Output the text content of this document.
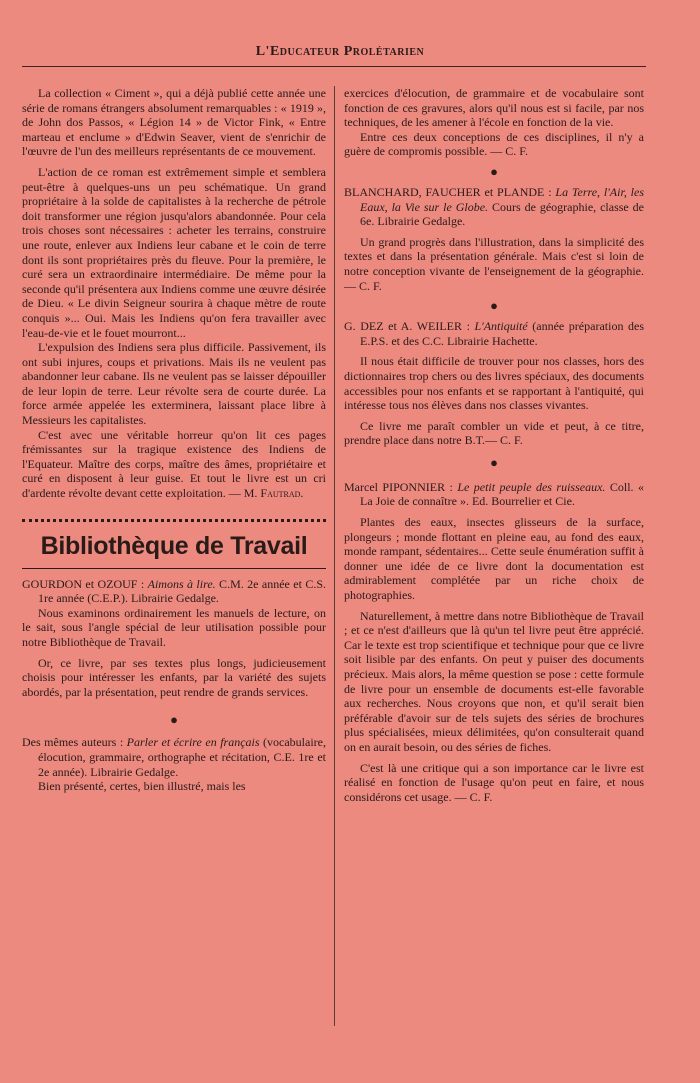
L'Educateur Prolétarien

La collection « Ciment », qui a déjà publié cette année une série de romans étrangers absolument remarquables : « 1919 », de John dos Passos, « Légion 14 » de Victor Fink, « Entre marteau et enclume » d'Edwin Seaver, vient de s'enrichir de l'œuvre de l'un des meilleurs représentants de ce mouvement.

L'action de ce roman est extrêmement simple et semblera peut-être à quelques-uns un peu schématique. Un grand propriétaire à la solde de capitalistes à la recherche de pétrole doit transformer une région jusqu'alors abandonnée. Pour cela trois choses sont nécessaires : acheter les terrains, construire une route, enlever aux Indiens leur cabane et le coin de terre dont ils sont propriétaires près du fleuve. Pour la première, le curé sera un extraordinaire intermédiaire. De même pour la seconde qu'il présentera aux Indiens comme une œuvre désirée de Dieu. « Le divin Seigneur sourira à chaque mètre de route conquis »... Oui. Mais les Indiens qu'on fera travailler avec l'eau-de-vie et le fouet mourront...

L'expulsion des Indiens sera plus difficile. Passivement, ils ont subi injures, coups et privations. Mais ils ne veulent pas abandonner leur cabane. Ils ne veulent pas se laisser dépouiller de leur lopin de terre. Leur révolte sera de courte durée. La force armée appelée les exterminera, laissant place libre à Messieurs les capitalistes.

C'est avec une véritable horreur qu'on lit ces pages frémissantes sur la tragique existence des Indiens de l'Equateur. Maître des corps, maître des âmes, propriétaire et curé en disposent à leur guise. Et tout le livre est un cri d'ardente révolte devant cette exploitation. — M. Fautrad.

Bibliothèque de Travail

GOURDON et OZOUF : Aimons à lire. C.M. 2e année et C.S. 1re année (C.E.P.). Librairie Gedalge.

Nous examinons ordinairement les manuels de lecture, on le sait, sous l'angle spécial de leur utilisation possible pour notre Bibliothèque de Travail.

Or, ce livre, par ses textes plus longs, judicieusement choisis pour intéresser les enfants, par la variété des sujets abordés, par la présentation, peut rendre de grands services.

●

Des mêmes auteurs : Parler et écrire en français (vocabulaire, élocution, grammaire, orthographe et récitation, C.E. 1re et 2e année). Librairie Gedalge.

Bien présenté, certes, bien illustré, mais les

exercices d'élocution, de grammaire et de vocabulaire sont fonction de ces gravures, alors qu'il nous est si facile, par nos techniques, de les amener à l'école en fonction de la vie.

Entre ces deux conceptions de ces disciplines, il n'y a guère de compromis possible. — C. F.

●

BLANCHARD, FAUCHER et PLANDE : La Terre, l'Air, les Eaux, la Vie sur le Globe. Cours de géographie, classe de 6e. Librairie Gedalge.

Un grand progrès dans l'illustration, dans la simplicité des textes et dans la présentation générale. Mais c'est si loin de notre conception vivante de l'enseignement de la géographie. — C. F.

●

G. DEZ et A. WEILER : L'Antiquité (année préparation des E.P.S. et des C.C. Librairie Hachette.

Il nous était difficile de trouver pour nos classes, hors des dictionnaires trop chers ou des livres spéciaux, des documents accessibles pour nos enfants et se rapportant à l'antiquité, qui intéresse tous nos élèves dans nos classes vivantes.

Ce livre me paraît combler un vide et peut, à ce titre, prendre place dans notre B.T.— C. F.

●

Marcel PIPONNIER : Le petit peuple des ruisseaux. Coll. « La Joie de connaître ». Ed. Bourrelier et Cie.

Plantes des eaux, insectes glisseurs de la surface, plongeurs ; monde flottant en pleine eau, au fond des eaux, monde rampant, sédentaires... Cette seule énumération suffit à donner une idée de ce livre dont la documentation est admirablement complétée par un riche choix de photographies.

Naturellement, à mettre dans notre Bibliothèque de Travail ; et ce n'est d'ailleurs que là qu'un tel livre peut être apprécié. Car le texte est trop scientifique et technique pour que ce livre soit lisible par des enfants. On peut y puiser des documents précieux. Mais alors, la même question se pose : cette formule de livre pour un ensemble de documents est-elle favorable aux recherches. Nous croyons que non, et qu'il serait bien préférable d'avoir sur de tels sujets des séries de brochures plus spécialisées, mieux délimitées, qu'on consulterait quand on en aurait besoin, ou des séries de fiches.

C'est là une critique qui a son importance car le livre est réalisé en fonction de l'usage qu'on peut en faire, et nous considérons cet usage. — C. F.
